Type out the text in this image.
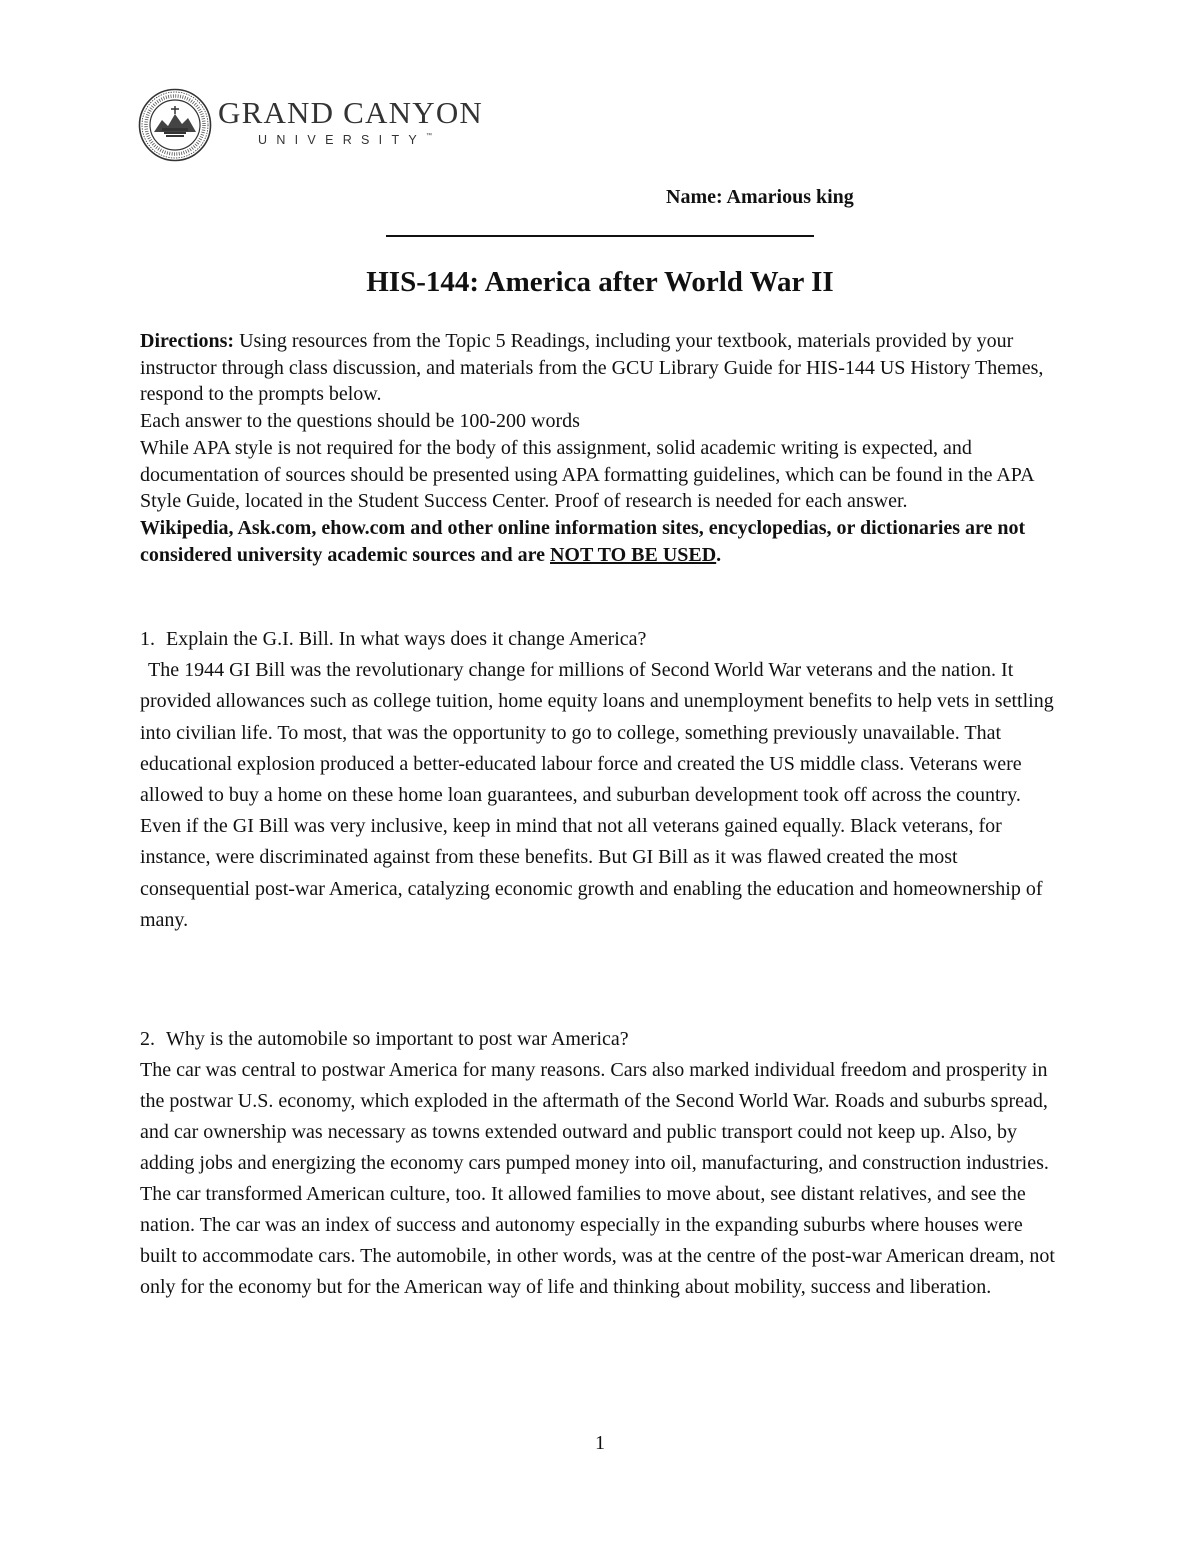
GRAND CANYON
UNIVERSITY™
Name: Amarious king
HIS-144: America after World War II

Directions: Using resources from the Topic 5 Readings, including your textbook, materials provided by your instructor through class discussion, and materials from the GCU Library Guide for HIS-144 US History Themes, respond to the prompts below.

Each answer to the questions should be 100-200 words

While APA style is not required for the body of this assignment, solid academic writing is expected, and documentation of sources should be presented using APA formatting guidelines, which can be found in the APA Style Guide, located in the Student Success Center. Proof of research is needed for each answer.

Wikipedia, Ask.com, ehow.com and other online information sites, encyclopedias, or dictionaries are not considered university academic sources and are NOT TO BE USED.

1. Explain the G.I. Bill. In what ways does it change America?

The 1944 GI Bill was the revolutionary change for millions of Second World War veterans and the nation. It provided allowances such as college tuition, home equity loans and unemployment benefits to help vets in settling into civilian life. To most, that was the opportunity to go to college, something previously unavailable. That educational explosion produced a better-educated labour force and created the US middle class. Veterans were allowed to buy a home on these home loan guarantees, and suburban development took off across the country. Even if the GI Bill was very inclusive, keep in mind that not all veterans gained equally. Black veterans, for instance, were discriminated against from these benefits. But GI Bill as it was flawed created the most consequential post-war America, catalyzing economic growth and enabling the education and homeownership of many.

2. Why is the automobile so important to post war America?

The car was central to postwar America for many reasons. Cars also marked individual freedom and prosperity in the postwar U.S. economy, which exploded in the aftermath of the Second World War. Roads and suburbs spread, and car ownership was necessary as towns extended outward and public transport could not keep up. Also, by adding jobs and energizing the economy cars pumped money into oil, manufacturing, and construction industries. The car transformed American culture, too. It allowed families to move about, see distant relatives, and see the nation. The car was an index of success and autonomy especially in the expanding suburbs where houses were built to accommodate cars. The automobile, in other words, was at the centre of the post-war American dream, not only for the economy but for the American way of life and thinking about mobility, success and liberation.

1
